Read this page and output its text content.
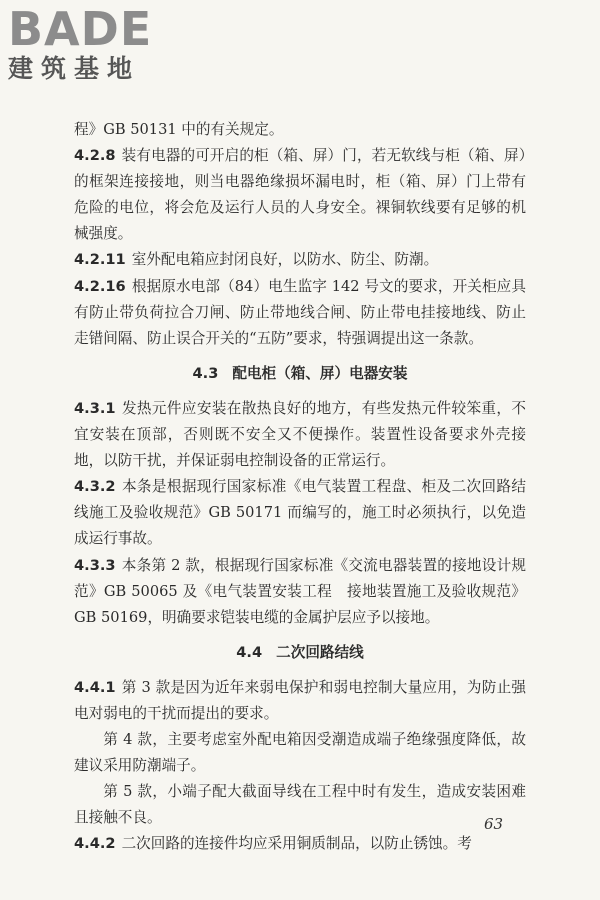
BADE
建筑基地

程》GB 50131 中的有关规定。

4.2.8 装有电器的可开启的柜（箱、屏）门，若无软线与柜（箱、屏）的框架连接接地，则当电器绝缘损坏漏电时，柜（箱、屏）门上带有危险的电位，将会危及运行人员的人身安全。裸铜软线要有足够的机械强度。

4.2.11 室外配电箱应封闭良好，以防水、防尘、防潮。

4.2.16 根据原水电部（84）电生监字 142 号文的要求，开关柜应具有防止带负荷拉合刀闸、防止带地线合闸、防止带电挂接地线、防止走错间隔、防止误合开关的“五防”要求，特强调提出这一条款。

4.3 配电柜（箱、屏）电器安装

4.3.1 发热元件应安装在散热良好的地方，有些发热元件较笨重，不宜安装在顶部，否则既不安全又不便操作。装置性设备要求外壳接地，以防干扰，并保证弱电控制设备的正常运行。

4.3.2 本条是根据现行国家标准《电气装置工程盘、柜及二次回路结线施工及验收规范》GB 50171 而编写的，施工时必须执行，以免造成运行事故。

4.3.3 本条第 2 款，根据现行国家标准《交流电器装置的接地设计规范》GB 50065 及《电气装置安装工程　接地装置施工及验收规范》GB 50169，明确要求铠装电缆的金属护层应予以接地。

4.4 二次回路结线

4.4.1 第 3 款是因为近年来弱电保护和弱电控制大量应用，为防止强电对弱电的干扰而提出的要求。

第 4 款，主要考虑室外配电箱因受潮造成端子绝缘强度降低，故建议采用防潮端子。

第 5 款，小端子配大截面导线在工程中时有发生，造成安装困难且接触不良。

4.4.2 二次回路的连接件均应采用铜质制品，以防止锈蚀。考

63
